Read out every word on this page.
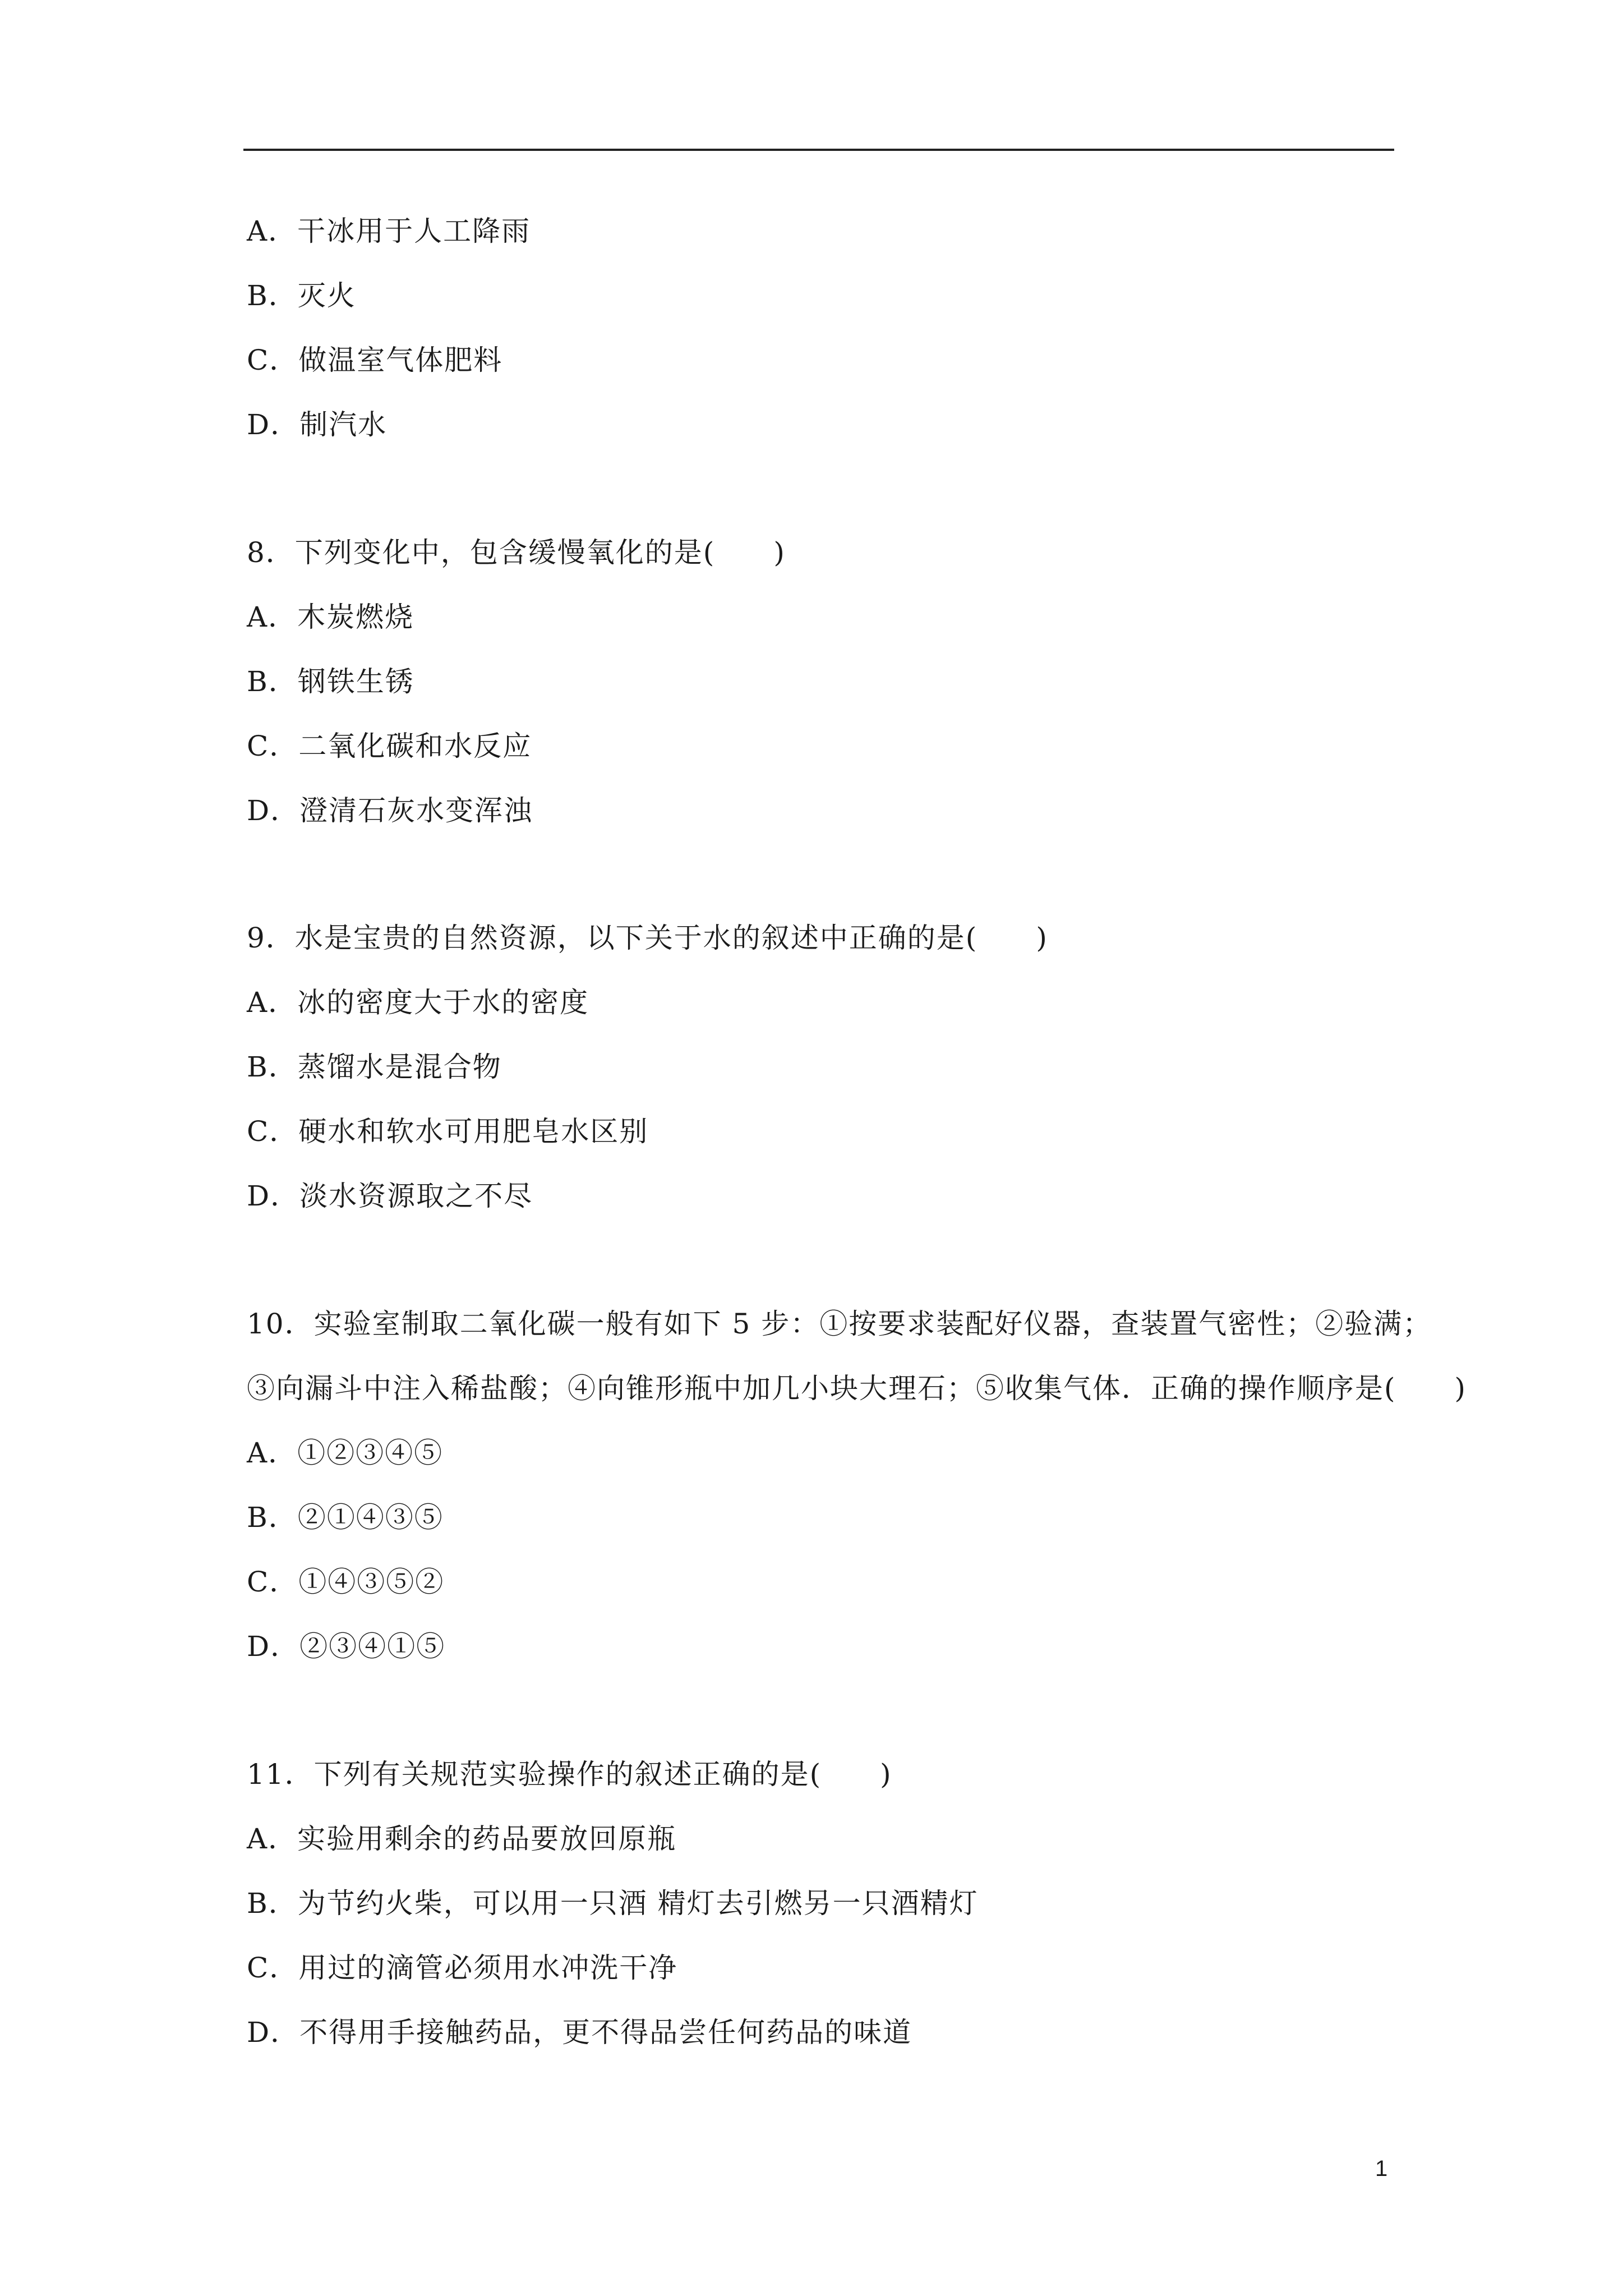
A．干冰用于人工降雨
B．灭火
C．做温室气体肥料
D．制汽水
8．下列变化中，包含缓慢氧化的是(　　)
A．木炭燃烧
B．钢铁生锈
C．二氧化碳和水反应
D．澄清石灰水变浑浊
9．水是宝贵的自然资源，以下关于水的叙述中正确的是(　　)
A．冰的密度大于水的密度
B．蒸馏水是混合物
C．硬水和软水可用肥皂水区别
D．淡水资源取之不尽
10．实验室制取二氧化碳一般有如下 5 步：①按要求装配好仪器，查装置气密性；②验满；
③向漏斗中注入稀盐酸；④向锥形瓶中加几小块大理石；⑤收集气体．正确的操作顺序是(　　)
A．①②③④⑤
B．②①④③⑤
C．①④③⑤②
D．②③④①⑤
11．下列有关规范实验操作的叙述正确的是(　　)
A．实验用剩余的药品要放回原瓶
B．为节约火柴，可以用一只酒 精灯去引燃另一只酒精灯
C．用过的滴管必须用水冲洗干净
D．不得用手接触药品，更不得品尝任何药品的味道
1
